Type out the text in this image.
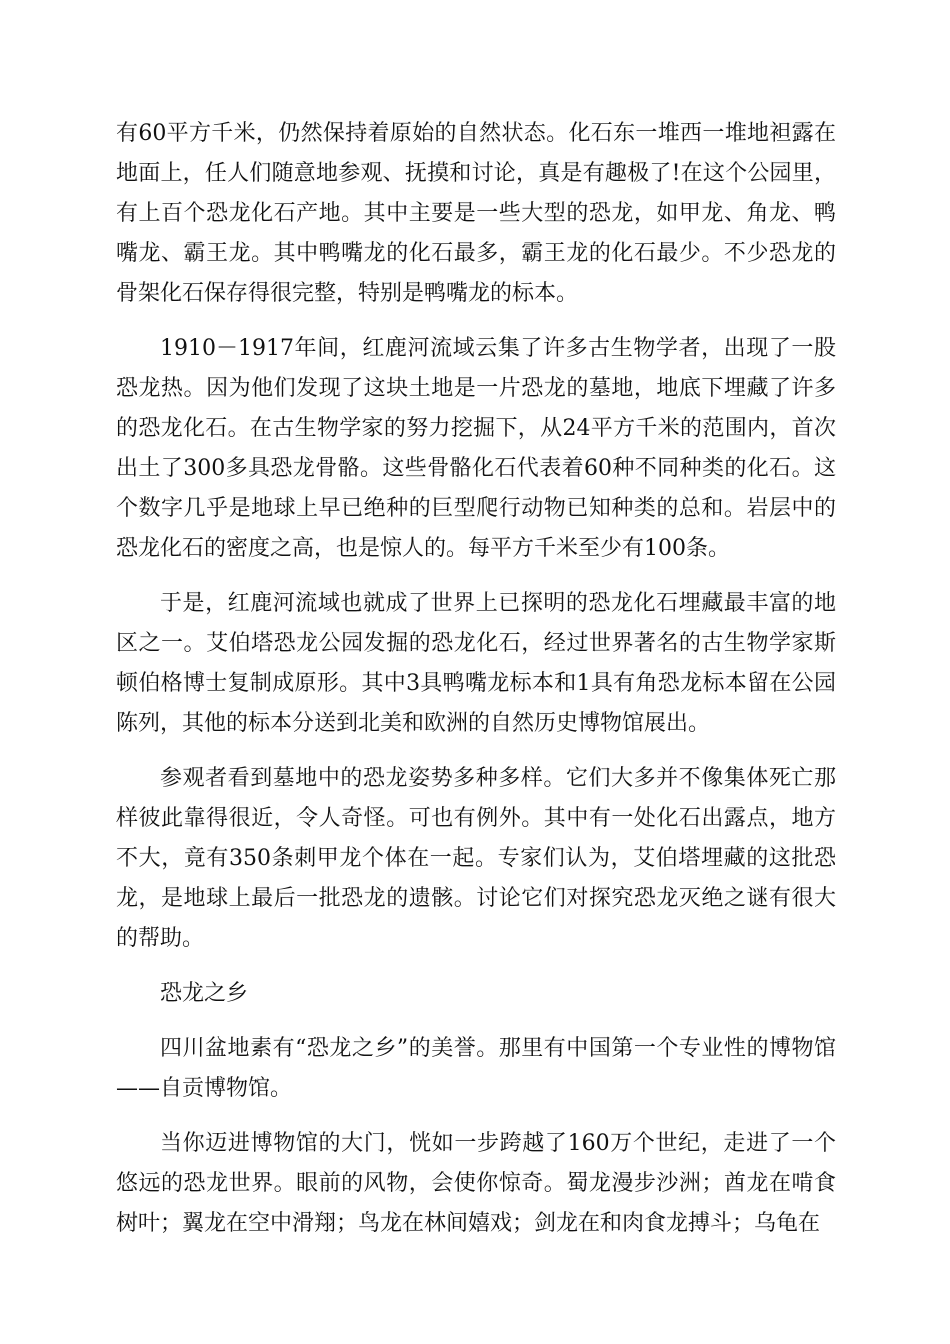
有60平方千米，仍然保持着原始的自然状态。化石东一堆西一堆地袒露在地面上，任人们随意地参观、抚摸和讨论，真是有趣极了!在这个公园里，有上百个恐龙化石产地。其中主要是一些大型的恐龙，如甲龙、角龙、鸭嘴龙、霸王龙。其中鸭嘴龙的化石最多，霸王龙的化石最少。不少恐龙的骨架化石保存得很完整，特别是鸭嘴龙的标本。

1910－1917年间，红鹿河流域云集了许多古生物学者，出现了一股恐龙热。因为他们发现了这块土地是一片恐龙的墓地，地底下埋藏了许多的恐龙化石。在古生物学家的努力挖掘下，从24平方千米的范围内，首次出土了300多具恐龙骨骼。这些骨骼化石代表着60种不同种类的化石。这个数字几乎是地球上早已绝种的巨型爬行动物已知种类的总和。岩层中的恐龙化石的密度之高，也是惊人的。每平方千米至少有100条。

于是，红鹿河流域也就成了世界上已探明的恐龙化石埋藏最丰富的地区之一。艾伯塔恐龙公园发掘的恐龙化石，经过世界著名的古生物学家斯顿伯格博士复制成原形。其中3具鸭嘴龙标本和1具有角恐龙标本留在公园陈列，其他的标本分送到北美和欧洲的自然历史博物馆展出。

参观者看到墓地中的恐龙姿势多种多样。它们大多并不像集体死亡那样彼此靠得很近，令人奇怪。可也有例外。其中有一处化石出露点，地方不大，竟有350条刺甲龙个体在一起。专家们认为，艾伯塔埋藏的这批恐龙，是地球上最后一批恐龙的遗骸。讨论它们对探究恐龙灭绝之谜有很大的帮助。

恐龙之乡

四川盆地素有“恐龙之乡”的美誉。那里有中国第一个专业性的博物馆——自贡博物馆。

当你迈进博物馆的大门，恍如一步跨越了160万个世纪，走进了一个悠远的恐龙世界。眼前的风物，会使你惊奇。蜀龙漫步沙洲；酋龙在啃食树叶；翼龙在空中滑翔；鸟龙在林间嬉戏；剑龙在和肉食龙搏斗；乌龟在
